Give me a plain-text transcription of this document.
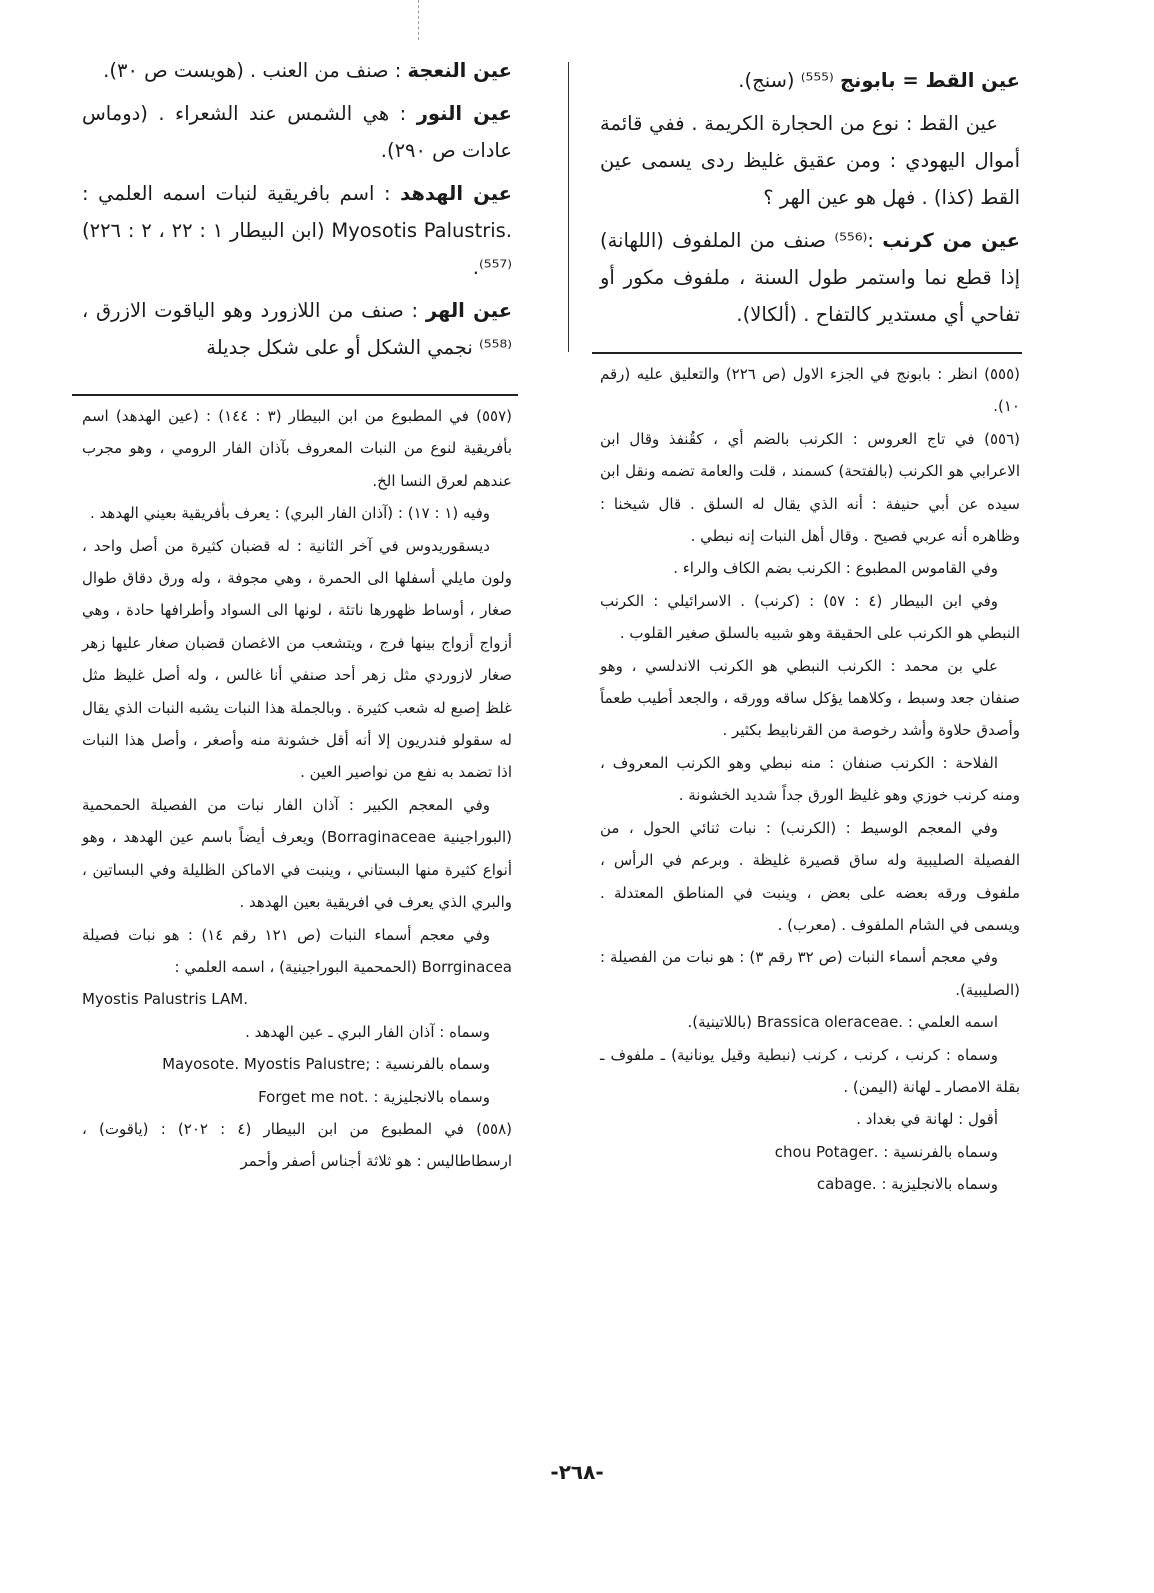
عين القط = بابونج ⁽⁵⁵⁵⁾ (سنج).

عين القط : نوع من الحجارة الكريمة . ففي قائمة أموال اليهودي : ومن عقيق غليظ ردى يسمى عين القط (كذا) . فهل هو عين الهر ؟

عين من كرنب :⁽⁵⁵⁶⁾ صنف من الملفوف (اللهانة) إذا قطع نما واستمر طول السنة ، ملفوف مكور أو تفاحي أي مستدير كالتفاح . (ألكالا).

(٥٥٥) انظر : بابونج في الجزء الاول (ص ٢٢٦) والتعليق عليه (رقم ١٠).

(٥٥٦) في تاج العروس : الكرنب بالضم أي ، كقُنفذ وقال ابن الاعرابي هو الكرنب (بالفتحة) كسمند ، قلت والعامة تضمه ونقل ابن سيده عن أبي حنيفة : أنه الذي يقال له السلق . قال شيخنا : وظاهره أنه عربي فصيح . وقال أهل النبات إنه نبطي .

وفي القاموس المطبوع : الكرنب بضم الكاف والراء .

وفي ابن البيطار (٤ : ٥٧) : (كرنب) . الاسرائيلي : الكرنب النبطي هو الكرنب على الحقيقة وهو شبيه بالسلق صغير القلوب .

علي بن محمد : الكرنب النبطي هو الكرنب الاندلسي ، وهو صنفان جعد وسبط ، وكلاهما يؤكل ساقه وورقه ، والجعد أطيب طعماً وأصدق حلاوة وأشد رخوصة من القرنابيط بكثير .

الفلاحة : الكرنب صنفان : منه نبطي وهو الكرنب المعروف ، ومنه كرنب خوزي وهو غليظ الورق جداً شديد الخشونة .

وفي المعجم الوسيط : (الكرنب) : نبات ثنائي الحول ، من الفصيلة الصليبية وله ساق قصيرة غليظة . وبرعم في الرأس ، ملفوف ورقه بعضه على بعض ، وينبت في المناطق المعتدلة . ويسمى في الشام الملفوف . (معرب) .

وفي معجم أسماء النبات (ص ٣٢ رقم ٣) : هو نبات من الفصيلة : (الصليبية).

اسمه العلمي : .Brassica oleraceae (باللاتينية).

وسماه : كرنب ، كرنب ، كرنب (نبطية وقيل يونانية) ـ ملفوف ـ بقلة الامصار ـ لهانة (اليمن) .

أقول : لهانة في بغداد .

وسماه بالفرنسية : .chou Potager

وسماه بالانجليزية : .cabage

عين النعجة : صنف من العنب . (هويست ص ٣٠).

عين النور : هي الشمس عند الشعراء . (دوماس عادات ص ٢٩٠).

عين الهدهد : اسم بافريقية لنبات اسمه العلمي : .Myosotis Palustris (ابن البيطار ١ : ٢٢ ، ٢ : ٢٢٦)⁽⁵⁵⁷⁾.

عين الهر : صنف من اللازورد وهو الياقوت الازرق ،⁽⁵⁵⁸⁾ نجمي الشكل أو على شكل جديلة

(٥٥٧) في المطبوع من ابن البيطار (٣ : ١٤٤) : (عين الهدهد) اسم بأفريقية لنوع من النبات المعروف بآذان الفار الرومي ، وهو مجرب عندهم لعرق النسا الخ.

وفيه (١ : ١٧) : (آذان الفار البري) : يعرف بأفريقية بعيني الهدهد .

ديسقوريدوس في آخر الثانية : له قضبان كثيرة من أصل واحد ، ولون مايلي أسفلها الى الحمرة ، وهي مجوفة ، وله ورق دقاق طوال صغار ، أوساط ظهورها ناتئة ، لونها الى السواد وأطرافها حادة ، وهي أزواج أزواج بينها فرج ، ويتشعب من الاغصان قضبان صغار عليها زهر صغار لازوردي مثل زهر أحد صنفي أنا غالس ، وله أصل غليظ مثل غلظ إصبع له شعب كثيرة . وبالجملة هذا النبات يشبه النبات الذي يقال له سقولو فندريون إلا أنه أقل خشونة منه وأصغر ، وأصل هذا النبات اذا تضمد به نفع من نواصير العين .

وفي المعجم الكبير : آذان الفار نبات من الفصيلة الحمحمية (البوراجينية Borraginaceae) ويعرف أيضاً باسم عين الهدهد ، وهو أنواع كثيرة منها البستاني ، وينبت في الاماكن الظليلة وفي البساتين ، والبري الذي يعرف في افريقية بعين الهدهد .

وفي معجم أسماء النبات (ص ١٢١ رقم ١٤) : هو نبات فصيلة Borrginacea (الحمحمية البوراجينية) ، اسمه العلمي :

Myostis Palustris LAM.

وسماه : آذان الفار البري ـ عين الهدهد .

وسماه بالفرنسية : ;Mayosote. Myostis Palustre

وسماه بالانجليزية : .Forget me not

(٥٥٨) في المطبوع من ابن البيطار (٤ : ٢٠٢) : (ياقوت) ، ارسطاطاليس : هو ثلاثة أجناس أصفر وأحمر

-٢٦٨-
